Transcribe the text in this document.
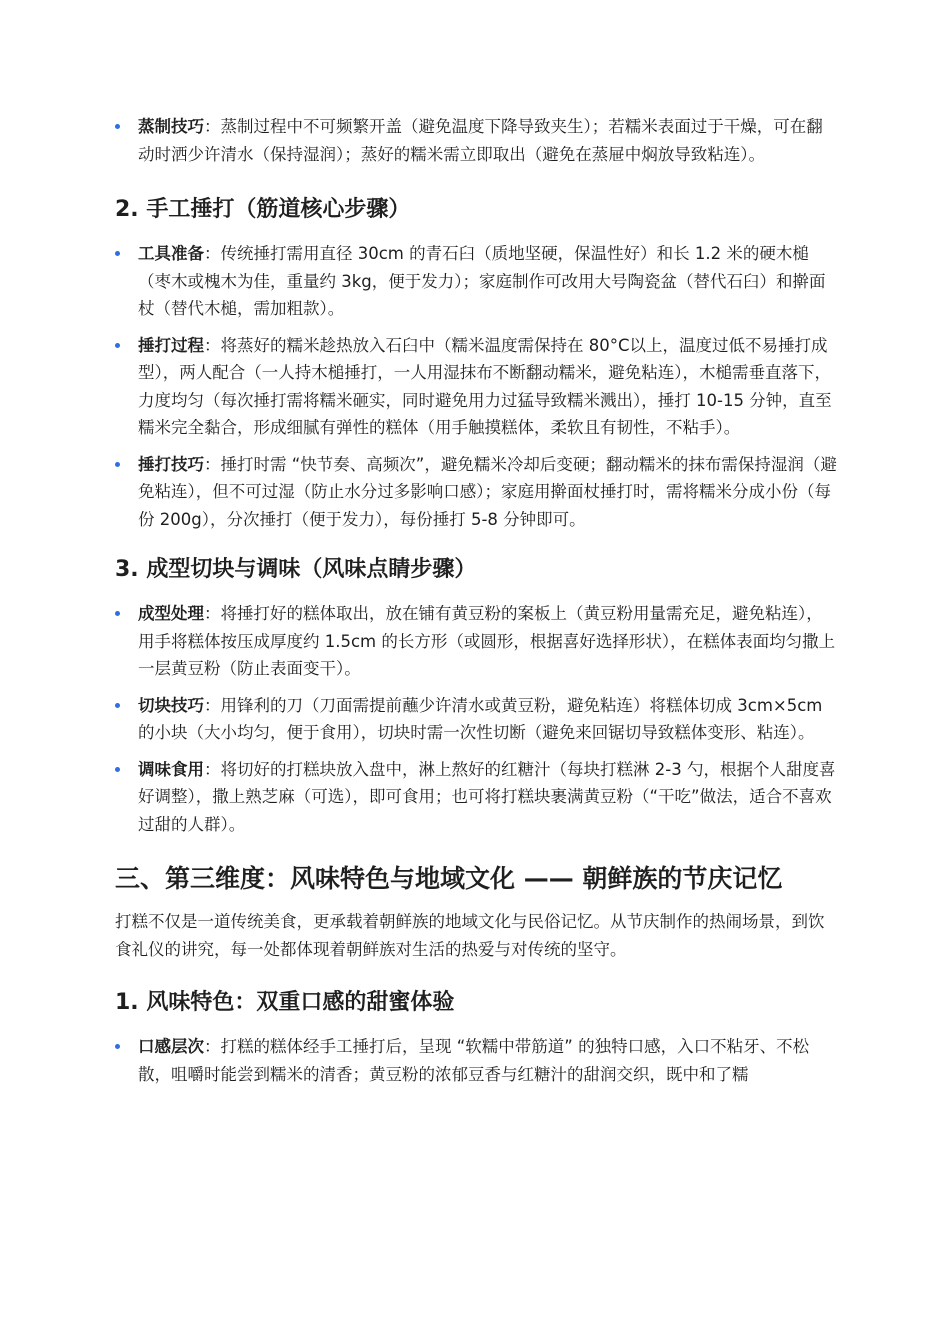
蒸制技巧：蒸制过程中不可频繁开盖（避免温度下降导致夹生）；若糯米表面过于干燥，可在翻动时洒少许清水（保持湿润）；蒸好的糯米需立即取出（避免在蒸屉中焖放导致粘连）。
2. 手工捶打（筋道核心步骤）
工具准备：传统捶打需用直径 30cm 的青石臼（质地坚硬，保温性好）和长 1.2 米的硬木槌（枣木或槐木为佳，重量约 3kg，便于发力）；家庭制作可改用大号陶瓷盆（替代石臼）和擀面杖（替代木槌，需加粗款）。
捶打过程：将蒸好的糯米趁热放入石臼中（糯米温度需保持在 80°C以上，温度过低不易捶打成型），两人配合（一人持木槌捶打，一人用湿抹布不断翻动糯米，避免粘连），木槌需垂直落下，力度均匀（每次捶打需将糯米砸实，同时避免用力过猛导致糯米溅出），捶打 10-15 分钟，直至糯米完全黏合，形成细腻有弹性的糕体（用手触摸糕体，柔软且有韧性，不粘手）。
捶打技巧：捶打时需 “快节奏、高频次”，避免糯米冷却后变硬；翻动糯米的抹布需保持湿润（避免粘连），但不可过湿（防止水分过多影响口感）；家庭用擀面杖捶打时，需将糯米分成小份（每份 200g），分次捶打（便于发力），每份捶打 5-8 分钟即可。
3. 成型切块与调味（风味点睛步骤）
成型处理：将捶打好的糕体取出，放在铺有黄豆粉的案板上（黄豆粉用量需充足，避免粘连），用手将糕体按压成厚度约 1.5cm 的长方形（或圆形，根据喜好选择形状），在糕体表面均匀撒上一层黄豆粉（防止表面变干）。
切块技巧：用锋利的刀（刀面需提前蘸少许清水或黄豆粉，避免粘连）将糕体切成 3cm×5cm 的小块（大小均匀，便于食用），切块时需一次性切断（避免来回锯切导致糕体变形、粘连）。
调味食用：将切好的打糕块放入盘中，淋上熬好的红糖汁（每块打糕淋 2-3 勺，根据个人甜度喜好调整），撒上熟芝麻（可选），即可食用；也可将打糕块裹满黄豆粉（“干吃”做法，适合不喜欢过甜的人群）。
三、第三维度：风味特色与地域文化 —— 朝鲜族的节庆记忆

打糕不仅是一道传统美食，更承载着朝鲜族的地域文化与民俗记忆。从节庆制作的热闹场景，到饮食礼仪的讲究，每一处都体现着朝鲜族对生活的热爱与对传统的坚守。

1. 风味特色：双重口感的甜蜜体验
口感层次：打糕的糕体经手工捶打后，呈现 “软糯中带筋道” 的独特口感，入口不粘牙、不松散，咀嚼时能尝到糯米的清香；黄豆粉的浓郁豆香与红糖汁的甜润交织，既中和了糯
